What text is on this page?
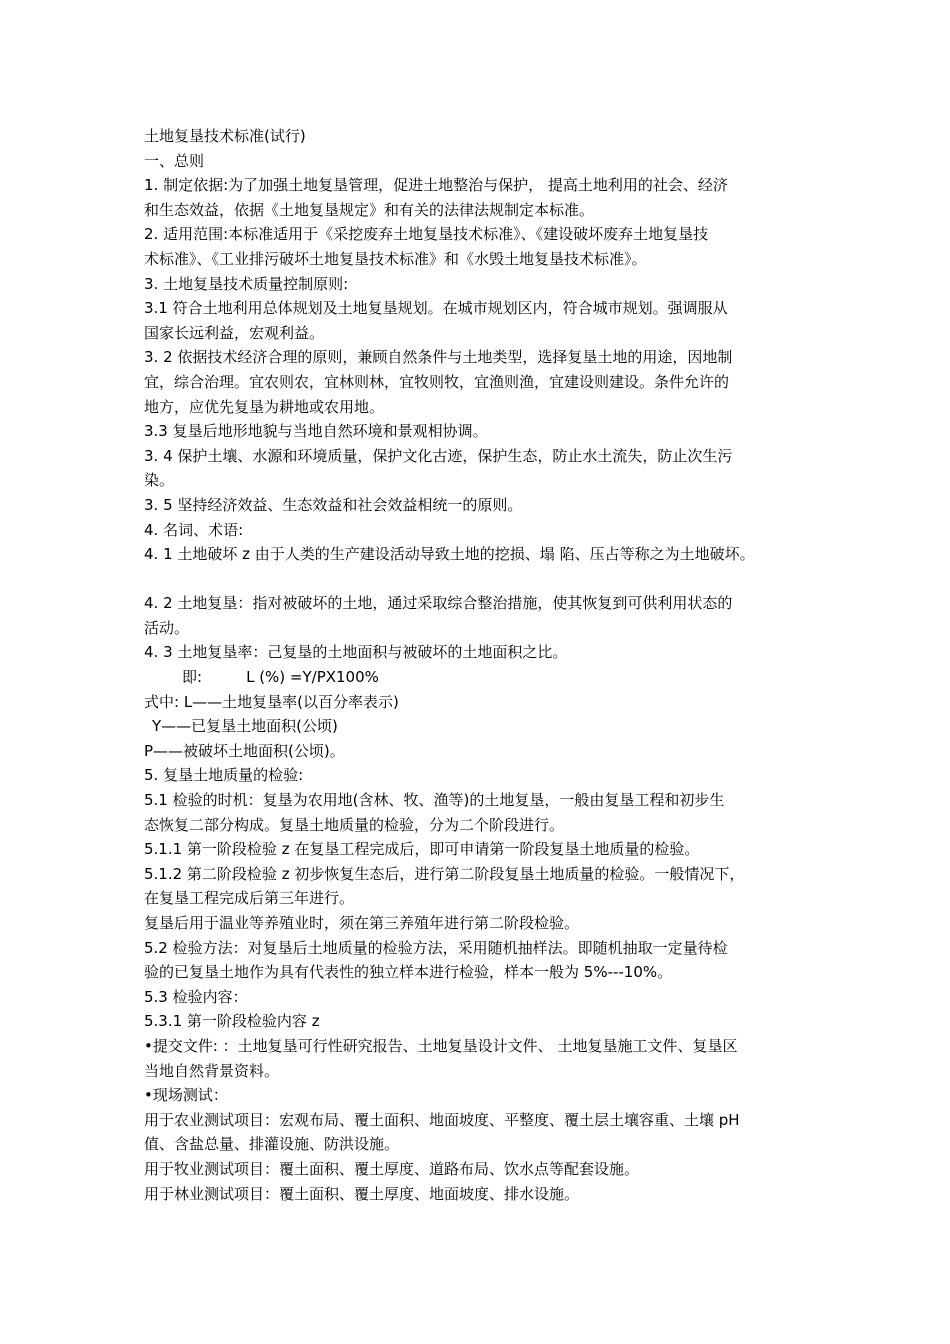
土地复垦技术标准(试行)
一、总则
1. 制定依据:为了加强土地复垦管理，促进土地整治与保护， 提高土地利用的社会、经济
和生态效益，依据《土地复垦规定》和有关的法律法规制定本标准。
2. 适用范围:本标准适用于《采挖废弃土地复垦技术标准》、《建设破坏废弃土地复垦技
术标准》、《工业排污破坏土地复垦技术标准》和《水毁土地复垦技术标准》。
3. 土地复垦技术质量控制原则:
3.1 符合土地利用总体规划及土地复垦规划。在城市规划区内，符合城市规划。强调服从
国家长远利益，宏观利益。
3. 2 依据技术经济合理的原则，兼顾自然条件与土地类型，选择复垦土地的用途，因地制
宜，综合治理。宜农则农，宜林则林，宜牧则牧，宜渔则渔，宜建设则建设。条件允许的
地方，应优先复垦为耕地或农用地。
3.3 复垦后地形地貌与当地自然环境和景观相协调。
3. 4 保护土壤、水源和环境质量，保护文化古迹，保护生态，防止水土流失，防止次生污
染。
3. 5 坚持经济效益、生态效益和社会效益相统一的原则。
4. 名词、术语:
4. 1 土地破坏 z 由于人类的生产建设活动导致土地的挖损、塌 陷、压占等称之为土地破坏。
4. 2 土地复垦：指对被破坏的土地，通过采取综合整治措施，使其恢复到可供利用状态的
活动。
4. 3 土地复垦率：己复垦的土地面积与被破坏的土地面积之比。
即:	L (%) =Y/PX100%
式中: L——土地复垦率(以百分率表示)
Y——已复垦土地面积(公顷)
P——被破坏土地面积(公顷)。
5. 复垦土地质量的检验:
5.1 检验的时机：复垦为农用地(含林、牧、渔等)的土地复垦，一般由复垦工程和初步生
态恢复二部分构成。复垦土地质量的检验，分为二个阶段进行。
5.1.1 第一阶段检验 z 在复垦工程完成后，即可申请第一阶段复垦土地质量的检验。
5.1.2 第二阶段检验 z 初步恢复生态后，进行第二阶段复垦土地质量的检验。一般情况下，
在复垦工程完成后第三年进行。
复垦后用于温业等养殖业时，须在第三养殖年进行第二阶段检验。
5.2 检验方法：对复垦后土地质量的检验方法，采用随机抽样法。即随机抽取一定量待检
验的已复垦土地作为具有代表性的独立样本进行检验，样本一般为 5%---10%。
5.3 检验内容：
5.3.1 第一阶段检验内容 z
•提交文件: ：土地复垦可行性研究报告、土地复垦设计文件、 土地复垦施工文件、复垦区
当地自然背景资料。
•现场测试：
用于农业测试项目：宏观布局、覆土面积、地面坡度、平整度、覆土层土壤容重、土壤 pH
值、含盐总量、排灌设施、防洪设施。
用于牧业测试项目：覆土面积、覆土厚度、道路布局、饮水点等配套设施。
用于林业测试项目：覆土面积、覆土厚度、地面坡度、排水设施。
